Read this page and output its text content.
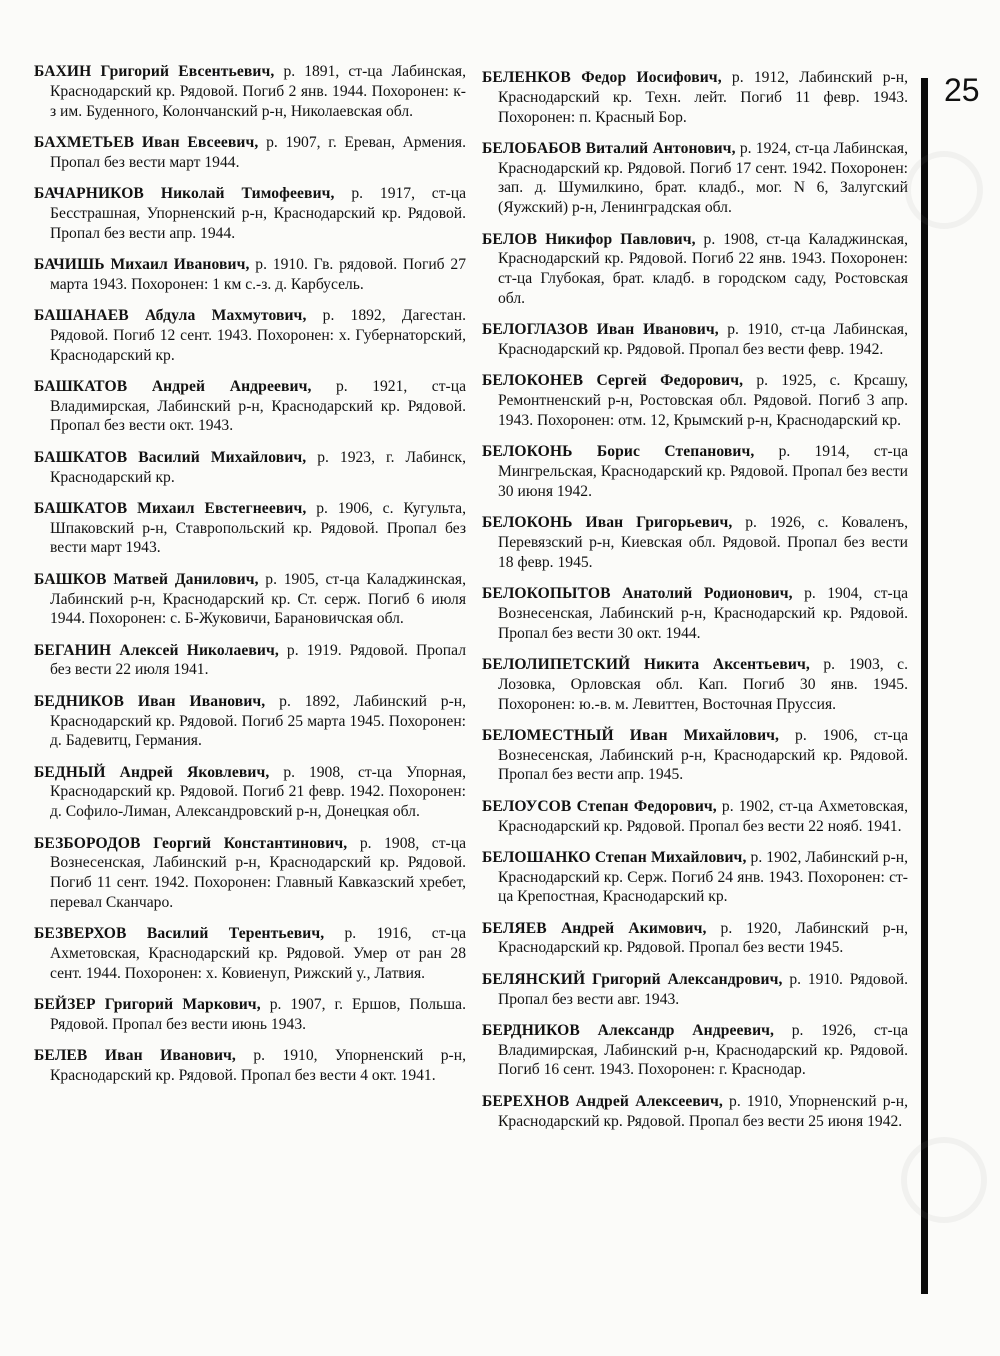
БАХИН Григорий Евсентьевич, р. 1891, ст-ца Лабинская, Краснодарский кр. Рядовой. Погиб 2 янв. 1944. Похоронен: к-з им. Буденного, Колончанский р-н, Николаевская обл.

БАХМЕТЬЕВ Иван Евсеевич, р. 1907, г. Ереван, Армения. Пропал без вести март 1944.

БАЧАРНИКОВ Николай Тимофеевич, р. 1917, ст-ца Бесстрашная, Упорненский р-н, Краснодарский кр. Рядовой. Пропал без вести апр. 1944.

БАЧИШЬ Михаил Иванович, р. 1910. Гв. рядовой. Погиб 27 марта 1943. Похоронен: 1 км с.-з. д. Карбусель.

БАШАНАЕВ Абдула Махмутович, р. 1892, Дагестан. Рядовой. Погиб 12 сент. 1943. Похоронен: х. Губернаторский, Краснодарский кр.

БАШКАТОВ Андрей Андреевич, р. 1921, ст-ца Владимирская, Лабинский р-н, Краснодарский кр. Рядовой. Пропал без вести окт. 1943.

БАШКАТОВ Василий Михайлович, р. 1923, г. Лабинск, Краснодарский кр.

БАШКАТОВ Михаил Евстегнеевич, р. 1906, с. Кугульта, Шпаковский р-н, Ставропольский кр. Рядовой. Пропал без вести март 1943.

БАШКОВ Матвей Данилович, р. 1905, ст-ца Каладжинская, Лабинский р-н, Краснодарский кр. Ст. серж. Погиб 6 июля 1944. Похоронен: с. Б-Жуковичи, Барановичская обл.

БЕГАНИН Алексей Николаевич, р. 1919. Рядовой. Пропал без вести 22 июля 1941.

БЕДНИКОВ Иван Иванович, р. 1892, Лабинский р-н, Краснодарский кр. Рядовой. Погиб 25 марта 1945. Похоронен: д. Бадевитц, Германия.

БЕДНЫЙ Андрей Яковлевич, р. 1908, ст-ца Упорная, Краснодарский кр. Рядовой. Погиб 21 февр. 1942. Похоронен: д. Софило-Лиман, Александровский р-н, Донецкая обл.

БЕЗБОРОДОВ Георгий Константинович, р. 1908, ст-ца Вознесенская, Лабинский р-н, Краснодарский кр. Рядовой. Погиб 11 сент. 1942. Похоронен: Главный Кавказский хребет, перевал Сканчаро.

БЕЗВЕРХОВ Василий Терентьевич, р. 1916, ст-ца Ахметовская, Краснодарский кр. Рядовой. Умер от ран 28 сент. 1944. Похоронен: х. Ковиенуп, Рижский у., Латвия.

БЕЙЗЕР Григорий Маркович, р. 1907, г. Ершов, Польша. Рядовой. Пропал без вести июнь 1943.

БЕЛЕВ Иван Иванович, р. 1910, Упорненский р-н, Краснодарский кр. Рядовой. Пропал без вести 4 окт. 1941.

БЕЛЕНКОВ Федор Иосифович, р. 1912, Лабинский р-н, Краснодарский кр. Техн. лейт. Погиб 11 февр. 1943. Похоронен: п. Красный Бор.

БЕЛОБАБОВ Виталий Антонович, р. 1924, ст-ца Лабинская, Краснодарский кр. Рядовой. Погиб 17 сент. 1942. Похоронен: зап. д. Шумилкино, брат. кладб., мог. N 6, Залугский (Яужский) р-н, Ленинградская обл.

БЕЛОВ Никифор Павлович, р. 1908, ст-ца Каладжинская, Краснодарский кр. Рядовой. Погиб 22 янв. 1943. Похоронен: ст-ца Глубокая, брат. кладб. в городском саду, Ростовская обл.

БЕЛОГЛАЗОВ Иван Иванович, р. 1910, ст-ца Лабинская, Краснодарский кр. Рядовой. Пропал без вести февр. 1942.

БЕЛОКОНЕВ Сергей Федорович, р. 1925, с. Крсашу, Ремонтненский р-н, Ростовская обл. Рядовой. Погиб 3 апр. 1943. Похоронен: отм. 12, Крымский р-н, Краснодарский кр.

БЕЛОКОНЬ Борис Степанович, р. 1914, ст-ца Мингрельская, Краснодарский кр. Рядовой. Пропал без вести 30 июня 1942.

БЕЛОКОНЬ Иван Григорьевич, р. 1926, с. Коваленъ, Перевязский р-н, Киевская обл. Рядовой. Пропал без вести 18 февр. 1945.

БЕЛОКОПЫТОВ Анатолий Родионович, р. 1904, ст-ца Вознесенская, Лабинский р-н, Краснодарский кр. Рядовой. Пропал без вести 30 окт. 1944.

БЕЛОЛИПЕТСКИЙ Никита Аксентьевич, р. 1903, с. Лозовка, Орловская обл. Кап. Погиб 30 янв. 1945. Похоронен: ю.-в. м. Левиттен, Восточная Пруссия.

БЕЛОМЕСТНЫЙ Иван Михайлович, р. 1906, ст-ца Вознесенская, Лабинский р-н, Краснодарский кр. Рядовой. Пропал без вести апр. 1945.

БЕЛОУСОВ Степан Федорович, р. 1902, ст-ца Ахметовская, Краснодарский кр. Рядовой. Пропал без вести 22 нояб. 1941.

БЕЛОШАНКО Степан Михайлович, р. 1902, Лабинский р-н, Краснодарский кр. Серж. Погиб 24 янв. 1943. Похоронен: ст-ца Крепостная, Краснодарский кр.

БЕЛЯЕВ Андрей Акимович, р. 1920, Лабинский р-н, Краснодарский кр. Рядовой. Пропал без вести 1945.

БЕЛЯНСКИЙ Григорий Александрович, р. 1910. Рядовой. Пропал без вести авг. 1943.

БЕРДНИКОВ Александр Андреевич, р. 1926, ст-ца Владимирская, Лабинский р-н, Краснодарский кр. Рядовой. Погиб 16 сент. 1943. Похоронен: г. Краснодар.

БЕРЕХНОВ Андрей Алексеевич, р. 1910, Упорненский р-н, Краснодарский кр. Рядовой. Пропал без вести 25 июня 1942.

25
